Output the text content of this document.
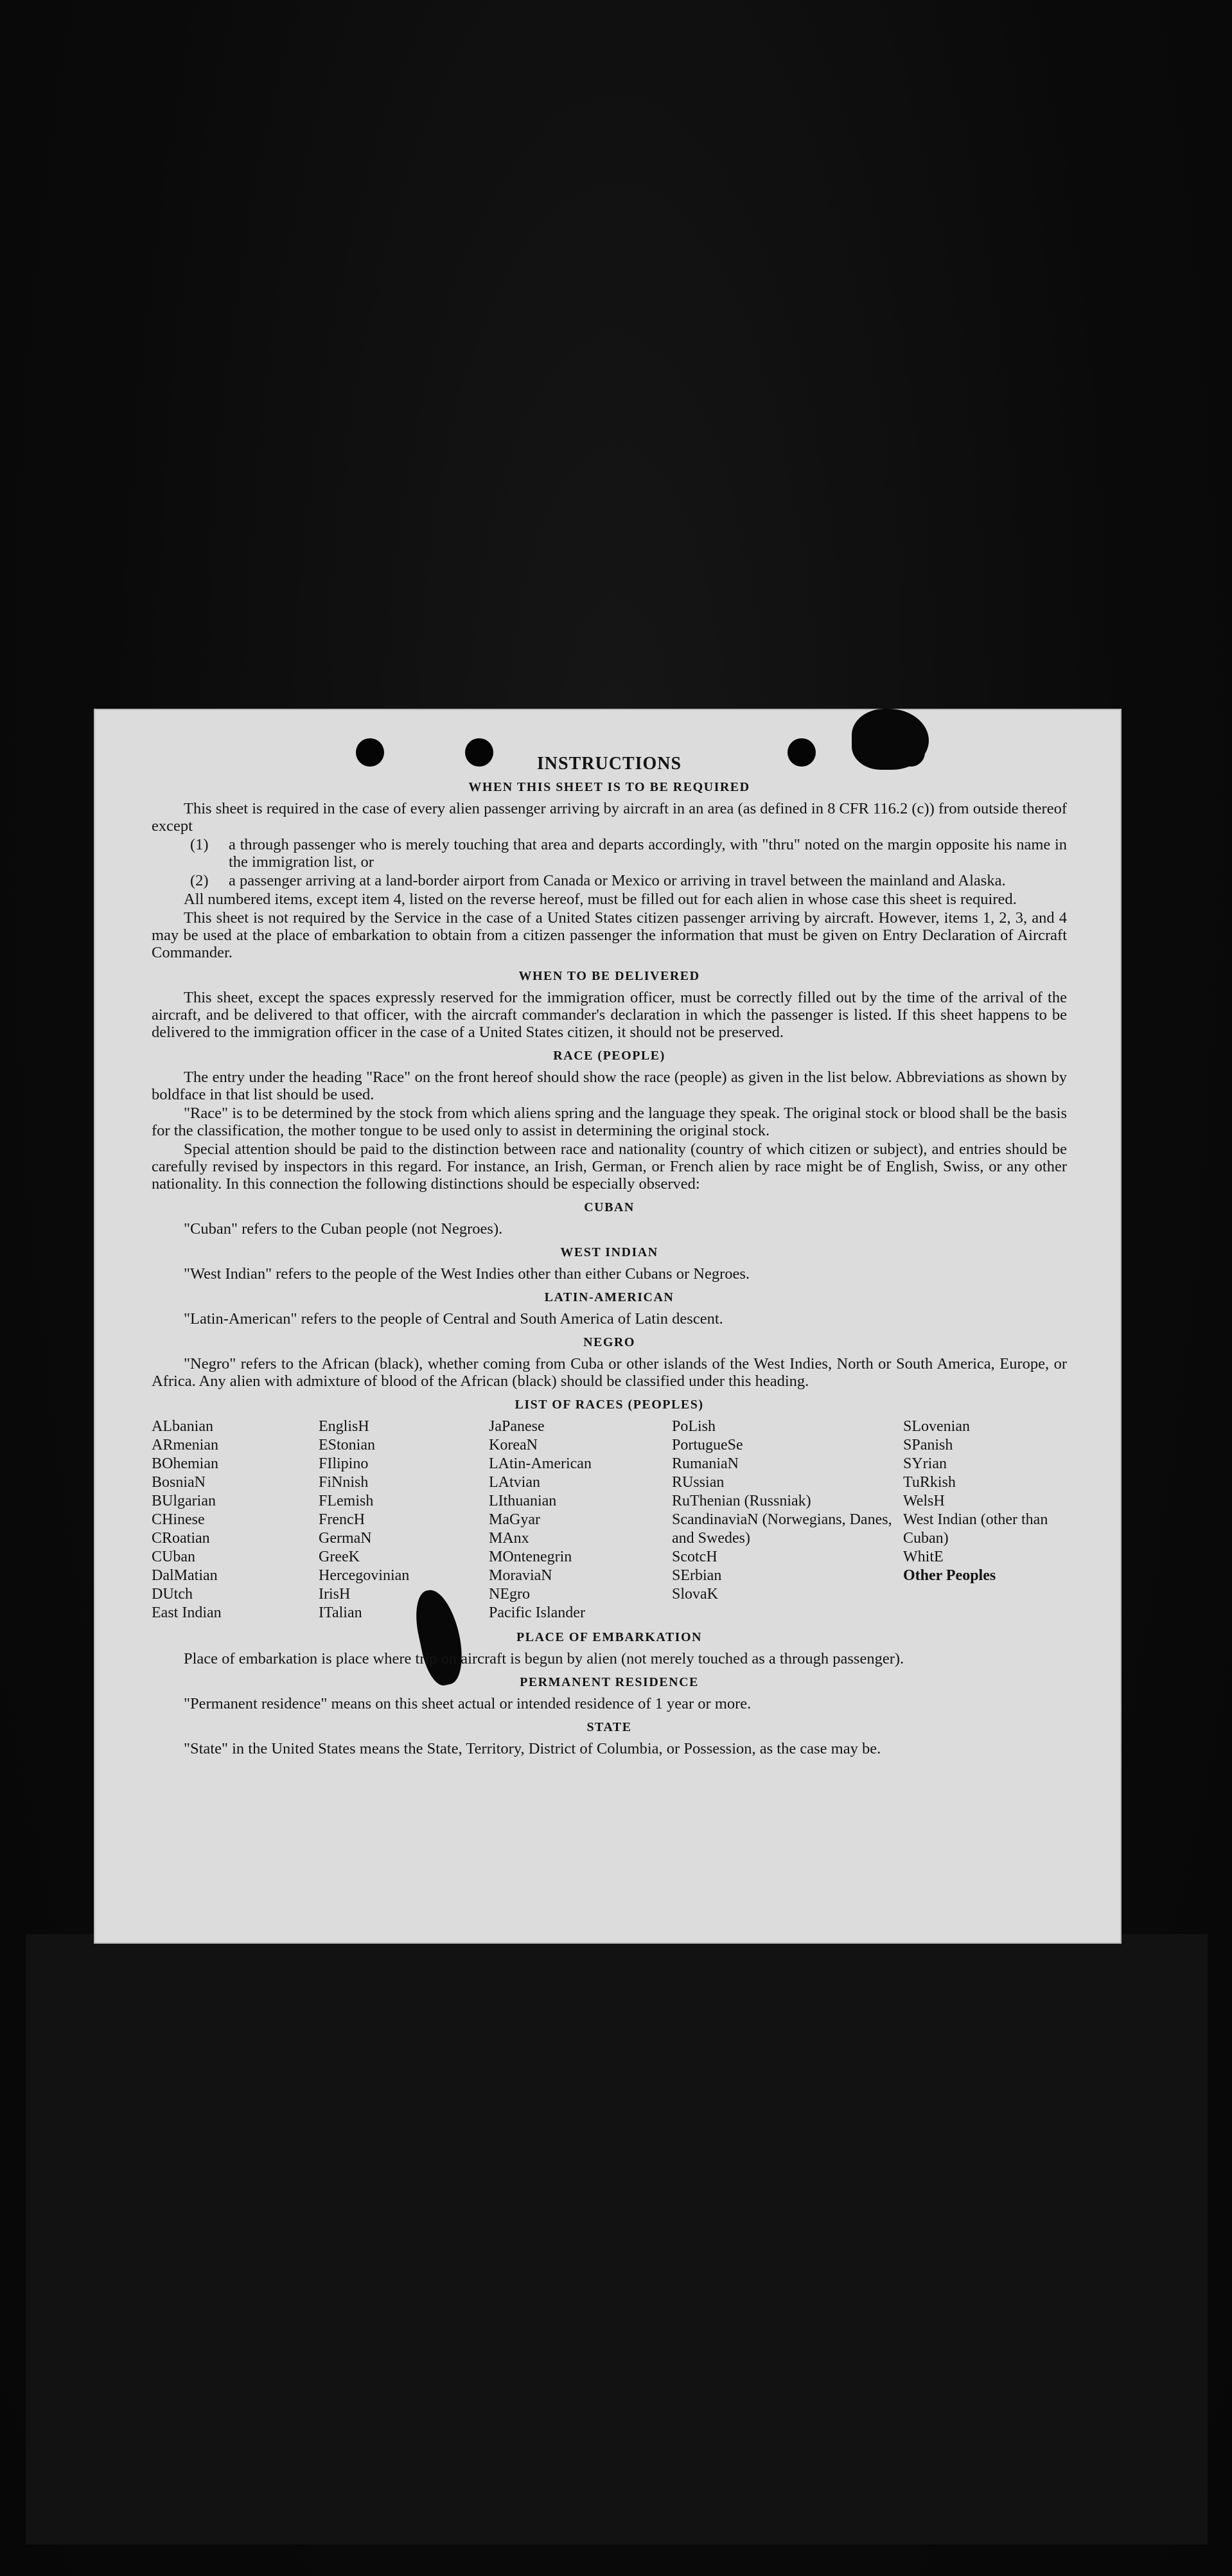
INSTRUCTIONS
WHEN THIS SHEET IS TO BE REQUIRED

This sheet is required in the case of every alien passenger arriving by aircraft in an area (as defined in 8 CFR 116.2 (c)) from outside thereof except

(1) a through passenger who is merely touching that area and departs accordingly, with "thru" noted on the margin opposite his name in the immigration list, or
(2) a passenger arriving at a land-border airport from Canada or Mexico or arriving in travel between the mainland and Alaska.

All numbered items, except item 4, listed on the reverse hereof, must be filled out for each alien in whose case this sheet is required.

This sheet is not required by the Service in the case of a United States citizen passenger arriving by aircraft. However, items 1, 2, 3, and 4 may be used at the place of embarkation to obtain from a citizen passenger the information that must be given on Entry Declaration of Aircraft Commander.

WHEN TO BE DELIVERED

This sheet, except the spaces expressly reserved for the immigration officer, must be correctly filled out by the time of the arrival of the aircraft, and be delivered to that officer, with the aircraft commander's declaration in which the passenger is listed. If this sheet happens to be delivered to the immigration officer in the case of a United States citizen, it should not be preserved.

RACE (PEOPLE)

The entry under the heading "Race" on the front hereof should show the race (people) as given in the list below. Abbreviations as shown by boldface in that list should be used.

"Race" is to be determined by the stock from which aliens spring and the language they speak. The original stock or blood shall be the basis for the classification, the mother tongue to be used only to assist in determining the original stock.

Special attention should be paid to the distinction between race and nationality (country of which citizen or subject), and entries should be carefully revised by inspectors in this regard. For instance, an Irish, German, or French alien by race might be of English, Swiss, or any other nationality. In this connection the following distinctions should be especially observed:

CUBAN

"Cuban" refers to the Cuban people (not Negroes).

WEST INDIAN

"West Indian" refers to the people of the West Indies other than either Cubans or Negroes.

LATIN-AMERICAN

"Latin-American" refers to the people of Central and South America of Latin descent.

NEGRO

"Negro" refers to the African (black), whether coming from Cuba or other islands of the West Indies, North or South America, Europe, or Africa. Any alien with admixture of blood of the African (black) should be classified under this heading.

LIST OF RACES (PEOPLES)
ALbanian
ARmenian
BOhemian
BosniaN
BUlgarian
CHinese
CRoatian
CUban
DalMatian
DUtch
East Indian
EnglisH
EStonian
FIlipino
FiNnish
FLemish
FrencH
GermaN
GreeK
Hercegovinian
IrisH
ITalian
JaPanese
KoreaN
LAtin-American
LAtvian
LIthuanian
MaGyar
MAnx
MOntenegrin
MoraviaN
NEgro
Pacific Islander
PoLish
PortugueSe
RumaniaN
RUssian
RuThenian (Russniak)
ScandinaviaN (Norwegians, Danes, and Swedes)
ScotcH
SErbian
SlovaK
SLovenian
SPanish
SYrian
TuRkish
WelsH
West Indian (other than Cuban)
WhitE
Other Peoples
PLACE OF EMBARKATION

Place of embarkation is place where trip on aircraft is begun by alien (not merely touched as a through passenger).

PERMANENT RESIDENCE

"Permanent residence" means on this sheet actual or intended residence of 1 year or more.

STATE

"State" in the United States means the State, Territory, District of Columbia, or Possession, as the case may be.
